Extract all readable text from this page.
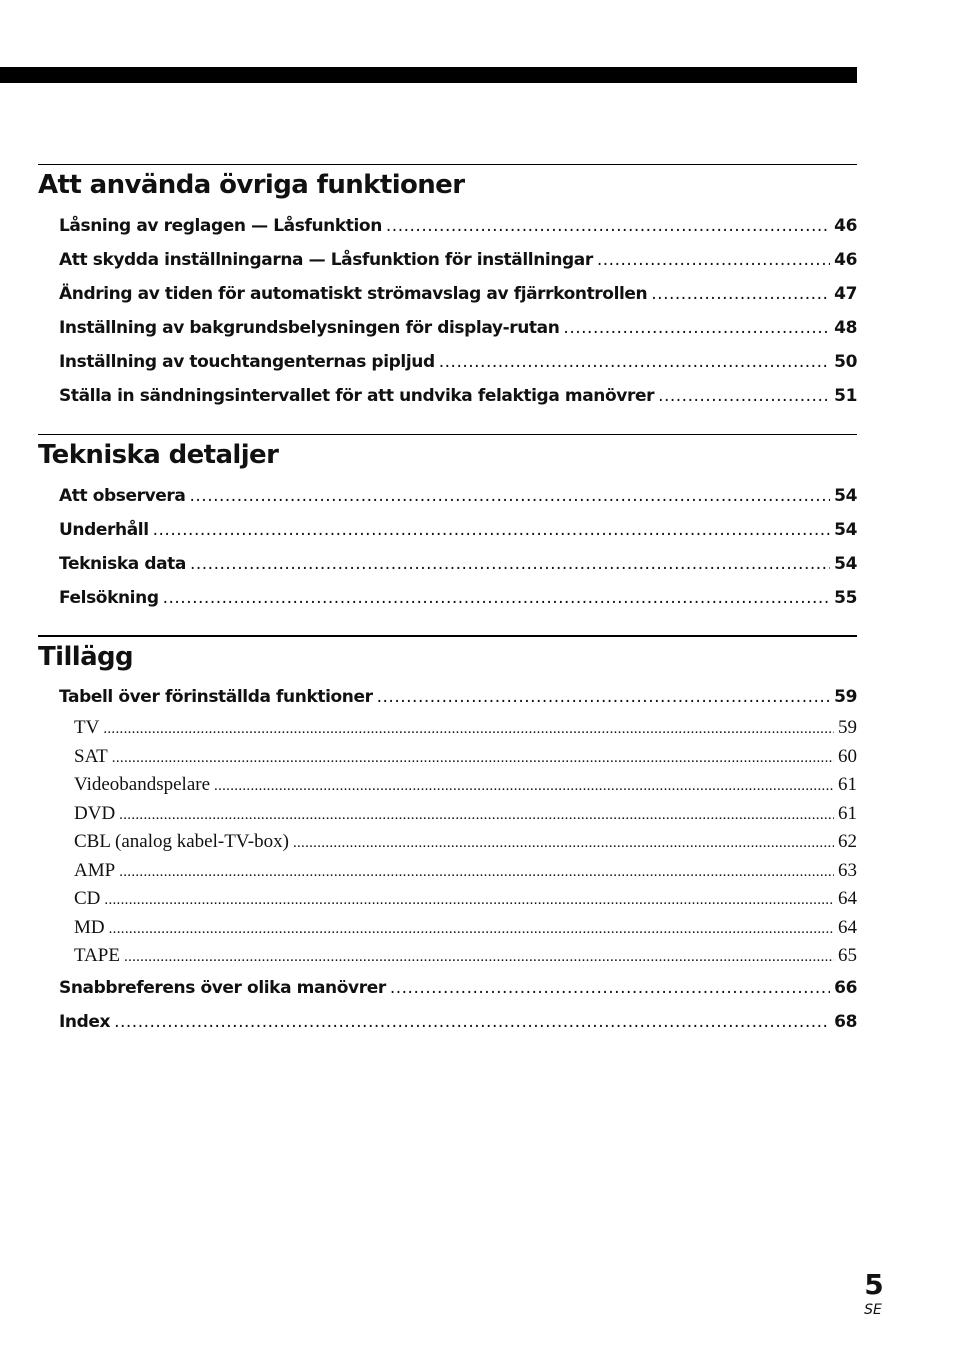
Att använda övriga funktioner
Låsning av reglagen — Låsfunktion .....	46
Att skydda inställningarna — Låsfunktion för inställningar .....	46
Ändring av tiden för automatiskt strömavslag av fjärrkontrollen .....	47
Inställning av bakgrundsbelysningen för display-rutan .....	48
Inställning av touchtangenternas pipljud .....	50
Ställa in sändningsintervallet för att undvika felaktiga manövrer .....	51
Tekniska detaljer
Att observera .....	54
Underhåll .....	54
Tekniska data .....	54
Felsökning .....	55
Tillägg
Tabell över förinställda funktioner .....	59
TV .....	59
SAT .....	60
Videobandspelare .....	61
DVD .....	61
CBL (analog kabel-TV-box) .....	62
AMP .....	63
CD .....	64
MD .....	64
TAPE .....	65
Snabbreferens över olika manövrer .....	66
Index .....	68
5
SE
